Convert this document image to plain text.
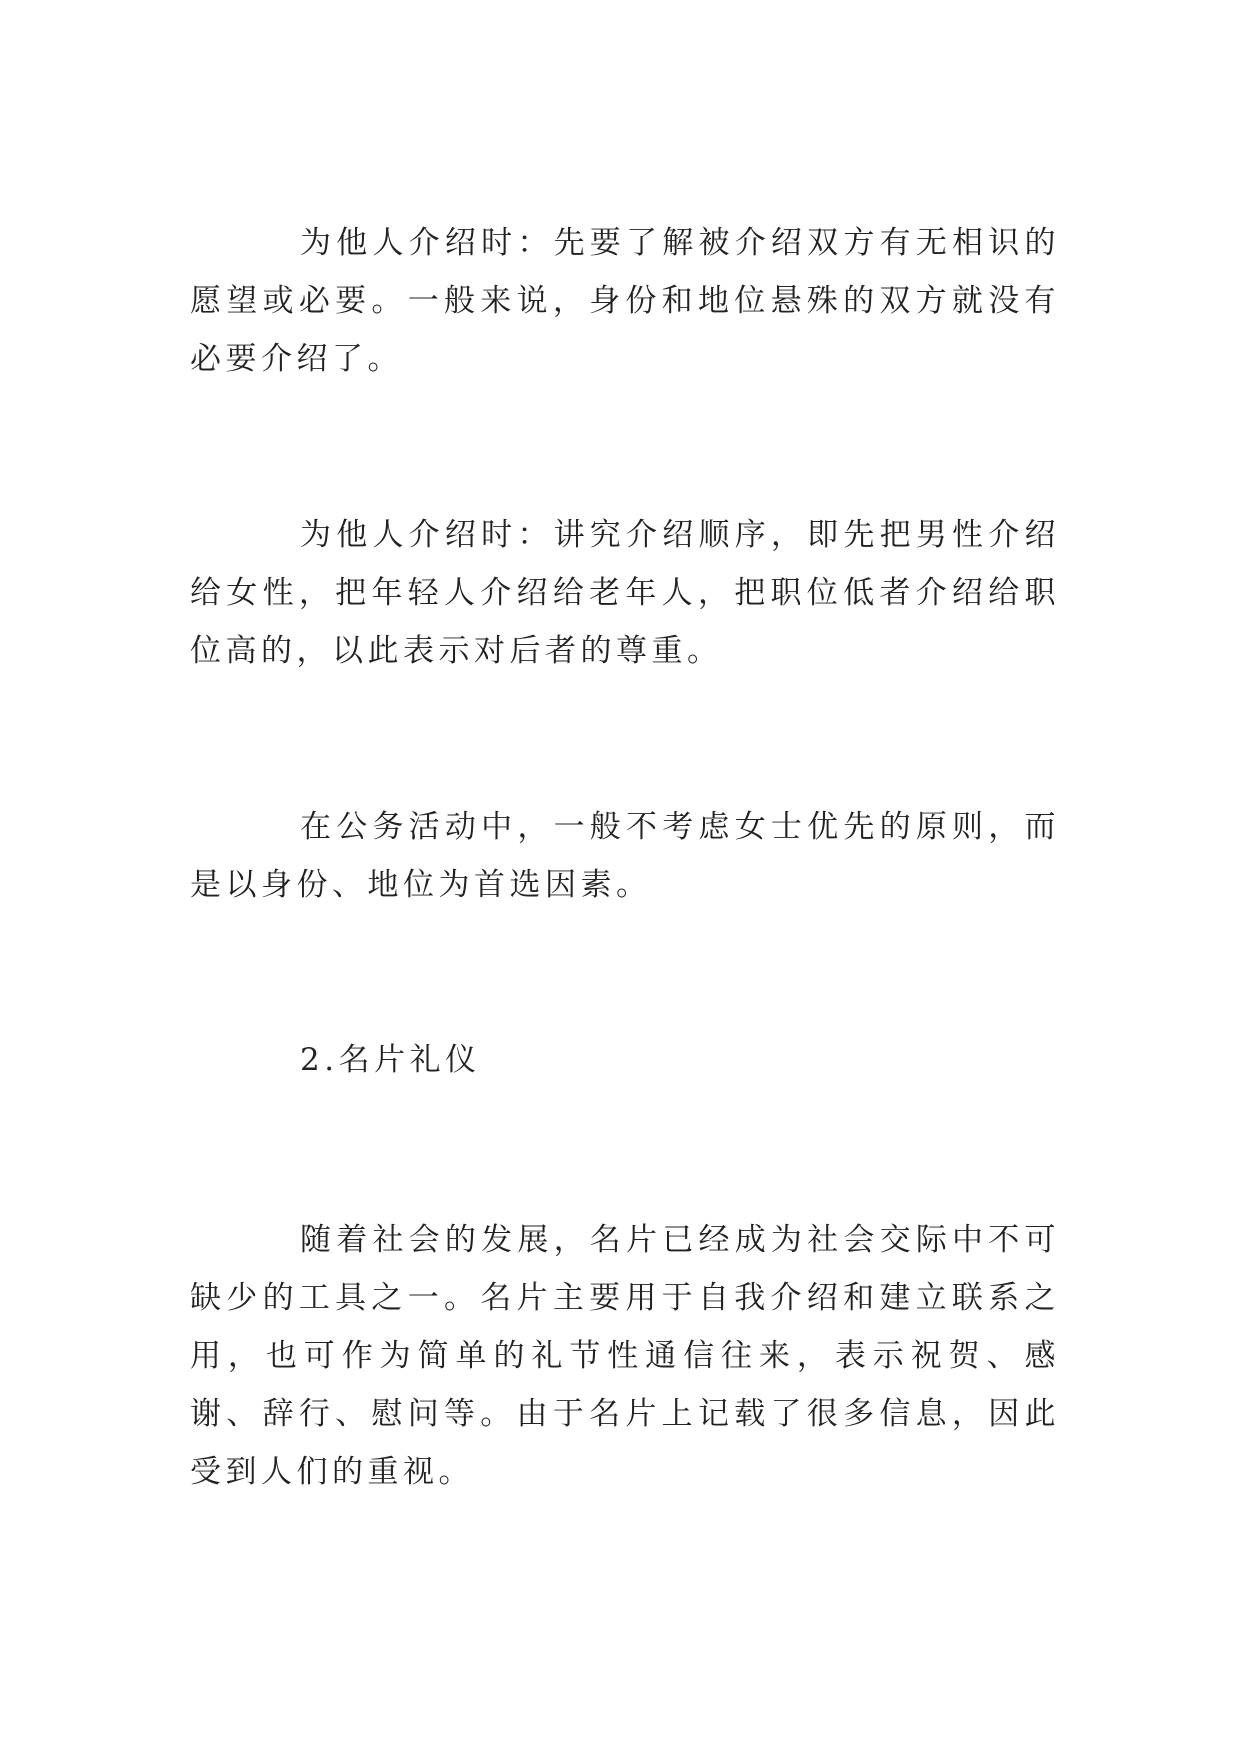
为他人介绍时：先要了解被介绍双方有无相识的愿望或必要。一般来说，身份和地位悬殊的双方就没有必要介绍了。

为他人介绍时：讲究介绍顺序，即先把男性介绍给女性，把年轻人介绍给老年人，把职位低者介绍给职位高的，以此表示对后者的尊重。

在公务活动中，一般不考虑女士优先的原则，而是以身份、地位为首选因素。

2.名片礼仪

随着社会的发展，名片已经成为社会交际中不可缺少的工具之一。名片主要用于自我介绍和建立联系之用，也可作为简单的礼节性通信往来，表示祝贺、感谢、辞行、慰问等。由于名片上记载了很多信息，因此受到人们的重视。
